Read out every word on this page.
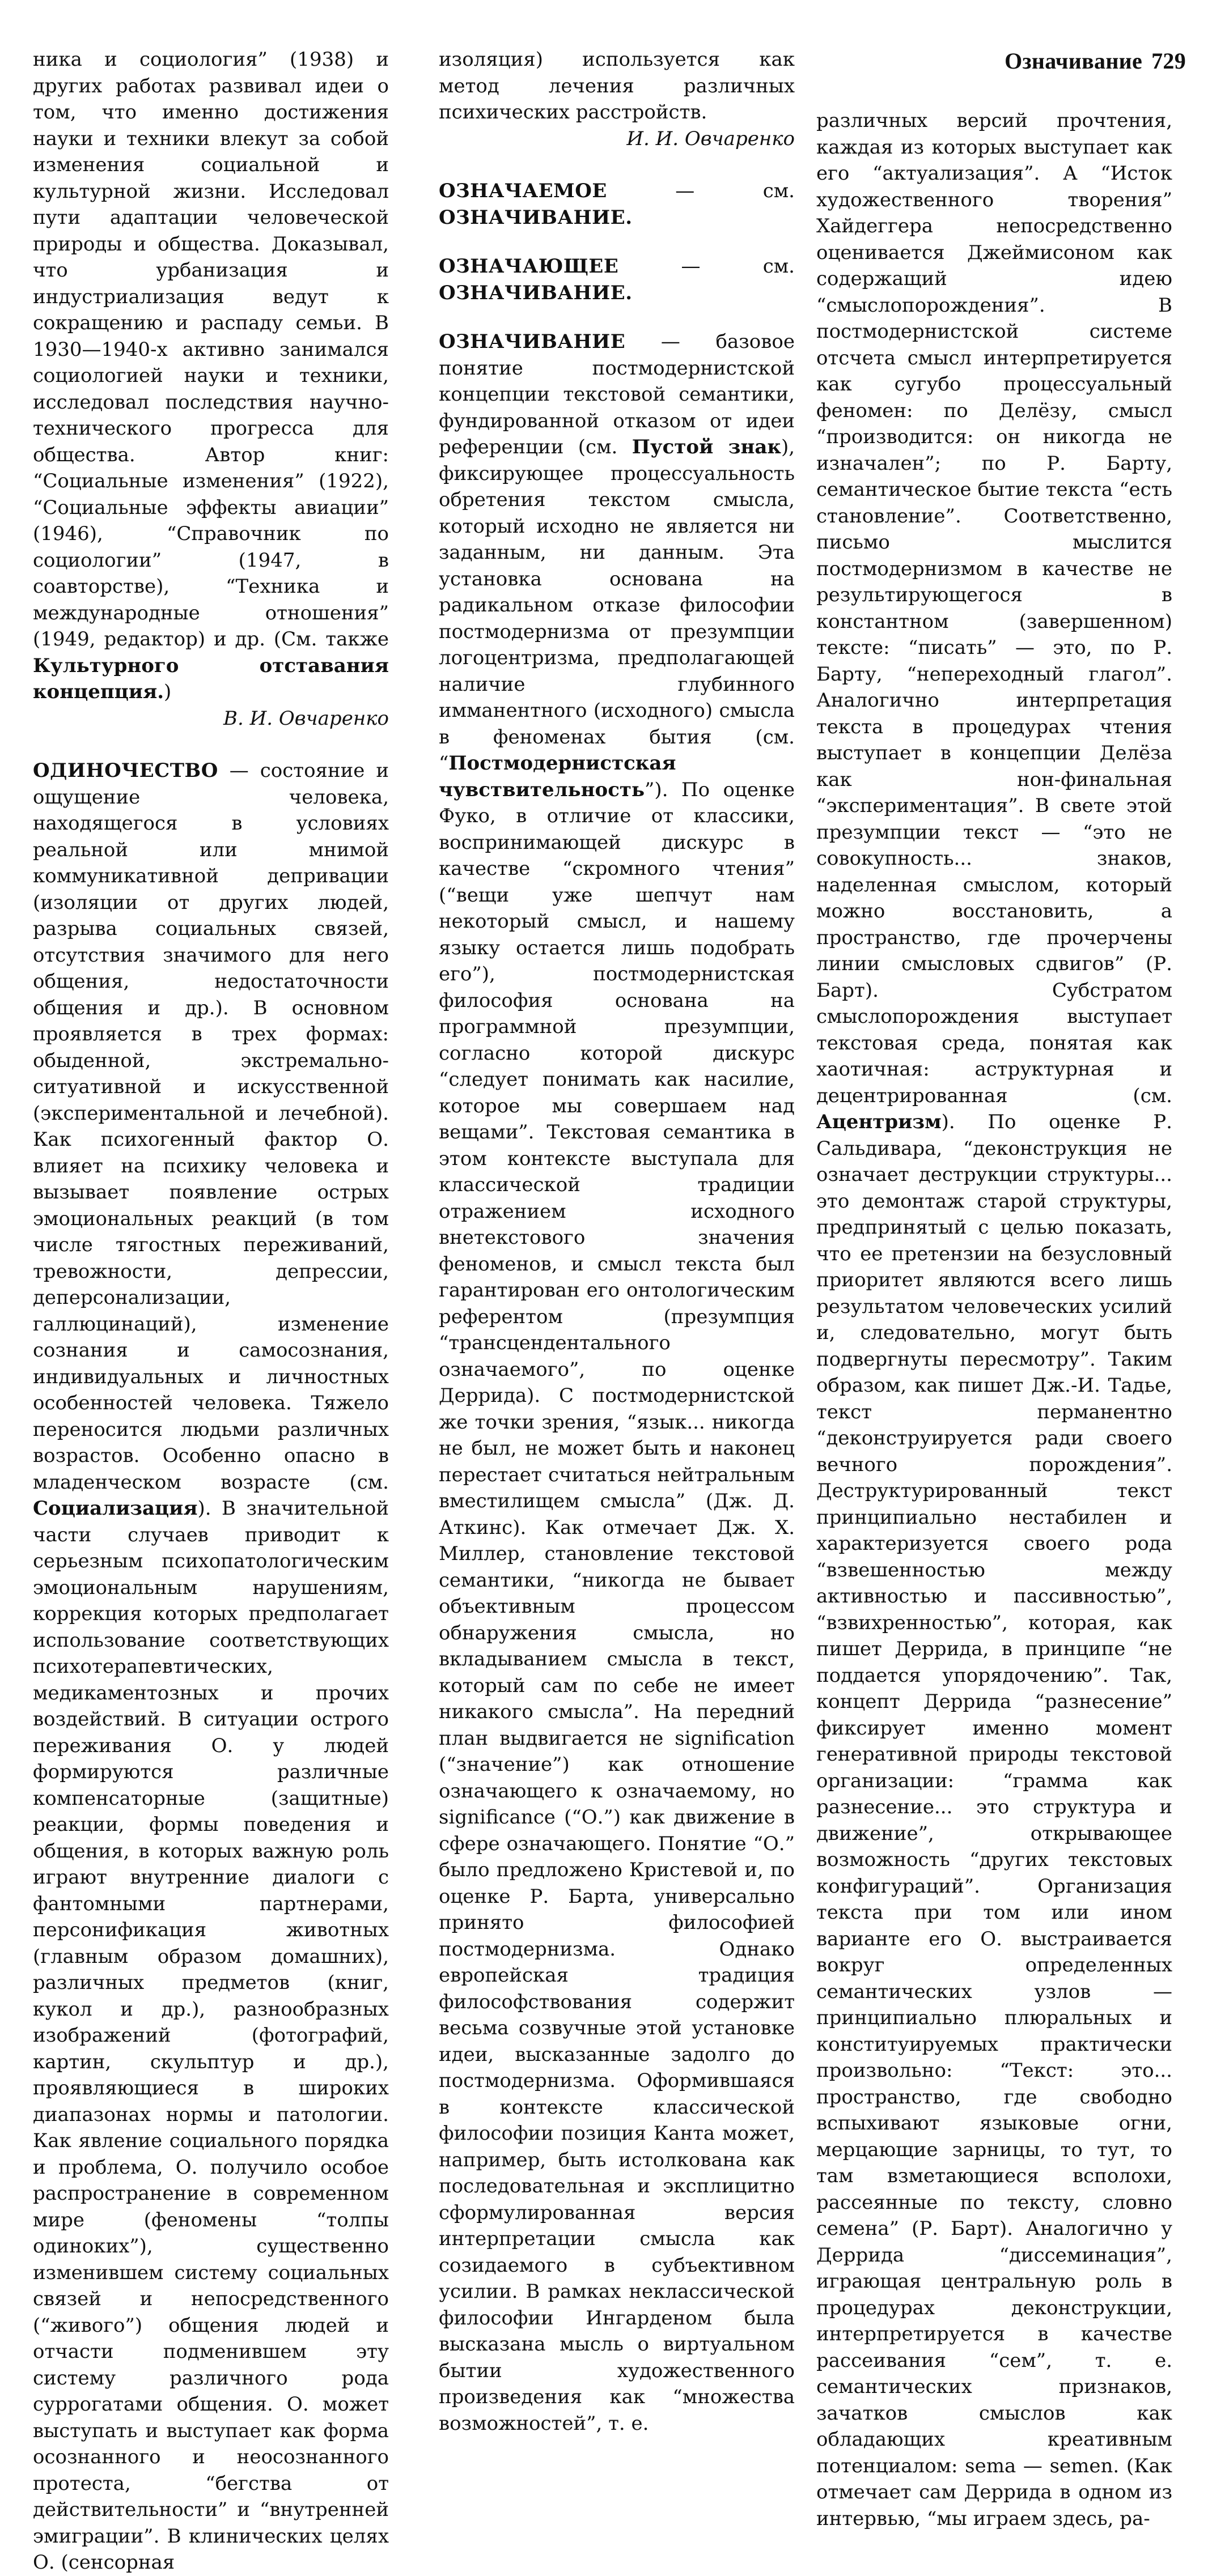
Означивание 729

ника и социология” (1938) и других работах развивал идеи о том, что именно достижения науки и техники влекут за собой изменения социальной и культурной жизни. Исследовал пути адаптации человеческой природы и общества. Доказывал, что урбанизация и индустриализация ведут к сокращению и распаду семьи. В 1930—1940-х активно занимался социологией науки и техники, исследовал последствия научно-технического прогресса для общества. Автор книг: “Социальные изменения” (1922), “Социальные эффекты авиации” (1946), “Справочник по социологии” (1947, в соавторстве), “Техника и международные отношения” (1949, редактор) и др. (См. также Культурного отставания концепция.)

В. И. Овчаренко

ОДИНОЧЕСТВО — состояние и ощущение человека, находящегося в условиях реальной или мнимой коммуникативной депривации (изоляции от других людей, разрыва социальных связей, отсутствия значимого для него общения, недостаточности общения и др.). В основном проявляется в трех формах: обыденной, экстремально-ситуативной и искусственной (экспериментальной и лечебной). Как психогенный фактор О. влияет на психику человека и вызывает появление острых эмоциональных реакций (в том числе тягостных переживаний, тревожности, депрессии, деперсонализации, галлюцинаций), изменение сознания и самосознания, индивидуальных и личностных особенностей человека. Тяжело переносится людьми различных возрастов. Особенно опасно в младенческом возрасте (см. Социализация). В значительной части случаев приводит к серьезным психопатологическим эмоциональным нарушениям, коррекция которых предполагает использование соответствующих психотерапевтических, медикаментозных и прочих воздействий. В ситуации острого переживания О. у людей формируются различные компенсаторные (защитные) реакции, формы поведения и общения, в которых важную роль играют внутренние диалоги с фантомными партнерами, персонификация животных (главным образом домашних), различных предметов (книг, кукол и др.), разнообразных изображений (фотографий, картин, скульптур и др.), проявляющиеся в широких диапазонах нормы и патологии. Как явление социального порядка и проблема, О. получило особое распространение в современном мире (феномены “толпы одиноких”), существенно изменившем систему социальных связей и непосредственного (“живого”) общения людей и отчасти подменившем эту систему различного рода суррогатами общения. О. может выступать и выступает как форма осознанного и неосознанного протеста, “бегства от действительности” и “внутренней эмиграции”. В клинических целях О. (сенсорная

изоляция) используется как метод лечения различных психических расстройств.

И. И. Овчаренко

ОЗНАЧАЕМОЕ — см. ОЗНАЧИВАНИЕ.

ОЗНАЧАЮЩЕЕ — см. ОЗНАЧИВАНИЕ.

ОЗНАЧИВАНИЕ — базовое понятие постмодернистской концепции текстовой семантики, фундированной отказом от идеи референции (см. Пустой знак), фиксирующее процессуальность обретения текстом смысла, который исходно не является ни заданным, ни данным. Эта установка основана на радикальном отказе философии постмодернизма от презумпции логоцентризма, предполагающей наличие глубинного имманентного (исходного) смысла в феноменах бытия (см. “Постмодернистская чувствительность”). По оценке Фуко, в отличие от классики, воспринимающей дискурс в качестве “скромного чтения” (“вещи уже шепчут нам некоторый смысл, и нашему языку остается лишь подобрать его”), постмодернистская философия основана на программной презумпции, согласно которой дискурс “следует понимать как насилие, которое мы совершаем над вещами”. Текстовая семантика в этом контексте выступала для классической традиции отражением исходного внетекстового значения феноменов, и смысл текста был гарантирован его онтологическим референтом (презумпция “трансцендентального означаемого”, по оценке Деррида). С постмодернистской же точки зрения, “язык... никогда не был, не может быть и наконец перестает считаться нейтральным вместилищем смысла” (Дж. Д. Аткинс). Как отмечает Дж. Х. Миллер, становление текстовой семантики, “никогда не бывает объективным процессом обнаружения смысла, но вкладыванием смысла в текст, который сам по себе не имеет никакого смысла”. На передний план выдвигается не signification (“значение”) как отношение означающего к означаемому, но significance (“О.”) как движение в сфере означающего. Понятие “О.” было предложено Кристевой и, по оценке Р. Барта, универсально принято философией постмодернизма. Однако европейская традиция философствования содержит весьма созвучные этой установке идеи, высказанные задолго до постмодернизма. Оформившаяся в контексте классической философии позиция Канта может, например, быть истолкована как последовательная и эксплицитно сформулированная версия интерпретации смысла как созидаемого в субъективном усилии. В рамках неклассической философии Ингарденом была высказана мысль о виртуальном бытии художественного произведения как “множества возможностей”, т. е.

различных версий прочтения, каждая из которых выступает как его “актуализация”. А “Исток художественного творения” Хайдеггера непосредственно оценивается Джеймисоном как содержащий идею “смыслопорождения”. В постмодернистской системе отсчета смысл интерпретируется как сугубо процессуальный феномен: по Делёзу, смысл “производится: он никогда не изначален”; по Р. Барту, семантическое бытие текста “есть становление”. Соответственно, письмо мыслится постмодернизмом в качестве не результирующегося в константном (завершенном) тексте: “писать” — это, по Р. Барту, “непереходный глагол”. Аналогично интерпретация текста в процедурах чтения выступает в концепции Делёза как нон-финальная “экспериментация”. В свете этой презумпции текст — “это не совокупность... знаков, наделенная смыслом, который можно восстановить, а пространство, где прочерчены линии смысловых сдвигов” (Р. Барт). Субстратом смыслопорождения выступает текстовая среда, понятая как хаотичная: аструктурная и децентрированная (см. Ацентризм). По оценке Р. Сальдивара, “деконструкция не означает деструкции структуры... это демонтаж старой структуры, предпринятый с целью показать, что ее претензии на безусловный приоритет являются всего лишь результатом человеческих усилий и, следовательно, могут быть подвергнуты пересмотру”. Таким образом, как пишет Дж.-И. Тадье, текст перманентно “деконструируется ради своего вечного порождения”. Деструктурированный текст принципиально нестабилен и характеризуется своего рода “взвешенностью между активностью и пассивностью”, “взвихренностью”, которая, как пишет Деррида, в принципе “не поддается упорядочению”. Так, концепт Деррида “разнесение” фиксирует именно момент генеративной природы текстовой организации: “грамма как разнесение... это структура и движение”, открывающее возможность “других текстовых конфигураций”. Организация текста при том или ином варианте его О. выстраивается вокруг определенных семантических узлов — принципиально плюральных и конституируемых практически произвольно: “Текст: это... пространство, где свободно вспыхивают языковые огни, мерцающие зарницы, то тут, то там взметающиеся всполохи, рассеянные по тексту, словно семена” (Р. Барт). Аналогично у Деррида “диссеминация”, играющая центральную роль в процедурах деконструкции, интерпретируется в качестве рассеивания “сем”, т. е. семантических признаков, зачатков смыслов как обладающих креативным потенциалом: sema — semen. (Как отмечает сам Деррида в одном из интервью, “мы играем здесь, ра-
